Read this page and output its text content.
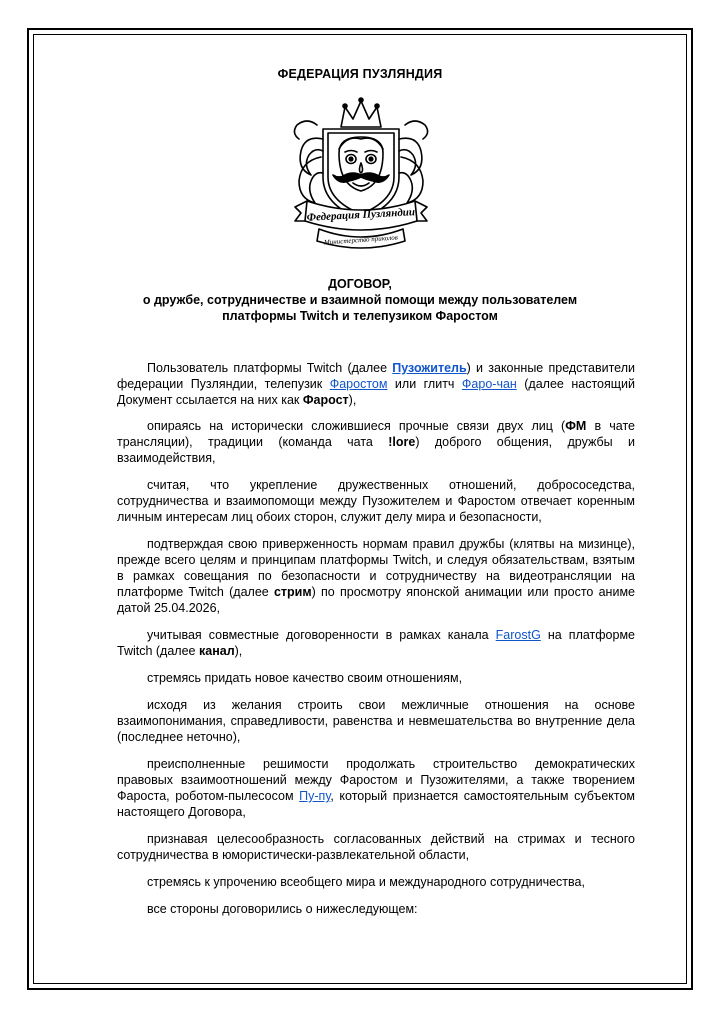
ФЕДЕРАЦИЯ ПУЗЛЯНДИЯ
Федерация Пузляндии
Министерство приколов
ДОГОВОР,
о дружбе, сотрудничестве и взаимной помощи между пользователем
платформы Twitch и телепузиком Фаростом

Пользователь платформы Twitch (далее Пузожитель) и законные представители федерации Пузляндии, телепузик Фаростом или глитч Фаро-чан (далее настоящий Документ ссылается на них как Фарост),

опираясь на исторически сложившиеся прочные связи двух лиц (ФМ в чате трансляции), традиции (команда чата !lore) доброго общения, дружбы и взаимодействия,

считая, что укрепление дружественных отношений, добрососедства, сотрудничества и взаимопомощи между Пузожителем и Фаростом отвечает коренным личным интересам лиц обоих сторон, служит делу мира и безопасности,

подтверждая свою приверженность нормам правил дружбы (клятвы на мизинце), прежде всего целям и принципам платформы Twitch, и следуя обязательствам, взятым в рамках совещания по безопасности и сотрудничеству на видеотрансляции на платформе Twitch (далее стрим) по просмотру японской анимации или просто аниме датой 25.04.2026,

учитывая совместные договоренности в рамках канала FarostG на платформе Twitch (далее канал),

стремясь придать новое качество своим отношениям,

исходя из желания строить свои межличные отношения на основе взаимопонимания, справедливости, равенства и невмешательства во внутренние дела (последнее неточно),

преисполненные решимости продолжать строительство демократических правовых взаимоотношений между Фаростом и Пузожителями, а также творением Фароста, роботом-пылесосом Пу-пу, который признается самостоятельным субъектом настоящего Договора,

признавая целесообразность согласованных действий на стримах и тесного сотрудничества в юмористически-развлекательной области,

стремясь к упрочению всеобщего мира и международного сотрудничества,

все стороны договорились о нижеследующем:
